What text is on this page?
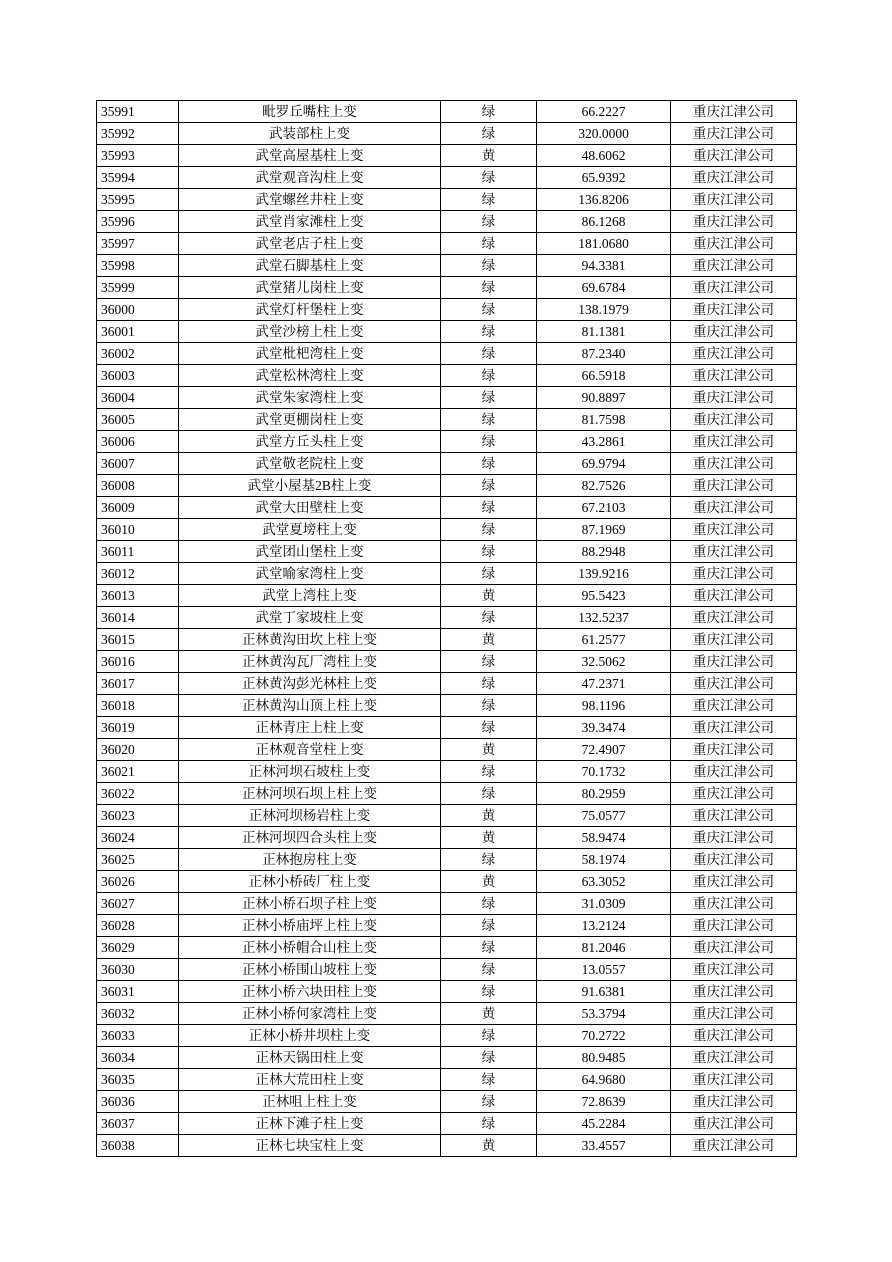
35991	毗罗丘嘴柱上变	绿	66.2227	重庆江津公司
35992	武装部柱上变	绿	320.0000	重庆江津公司
35993	武堂高屋基柱上变	黄	48.6062	重庆江津公司
35994	武堂观音沟柱上变	绿	65.9392	重庆江津公司
35995	武堂螺丝井柱上变	绿	136.8206	重庆江津公司
35996	武堂肖家滩柱上变	绿	86.1268	重庆江津公司
35997	武堂老店子柱上变	绿	181.0680	重庆江津公司
35998	武堂石脚基柱上变	绿	94.3381	重庆江津公司
35999	武堂猪儿岗柱上变	绿	69.6784	重庆江津公司
36000	武堂灯杆堡柱上变	绿	138.1979	重庆江津公司
36001	武堂沙榜上柱上变	绿	81.1381	重庆江津公司
36002	武堂枇杷湾柱上变	绿	87.2340	重庆江津公司
36003	武堂松林湾柱上变	绿	66.5918	重庆江津公司
36004	武堂朱家湾柱上变	绿	90.8897	重庆江津公司
36005	武堂更棚岗柱上变	绿	81.7598	重庆江津公司
36006	武堂方丘头柱上变	绿	43.2861	重庆江津公司
36007	武堂敬老院柱上变	绿	69.9794	重庆江津公司
36008	武堂小屋基2B柱上变	绿	82.7526	重庆江津公司
36009	武堂大田壁柱上变	绿	67.2103	重庆江津公司
36010	武堂夏塝柱上变	绿	87.1969	重庆江津公司
36011	武堂团山堡柱上变	绿	88.2948	重庆江津公司
36012	武堂喻家湾柱上变	绿	139.9216	重庆江津公司
36013	武堂上湾柱上变	黄	95.5423	重庆江津公司
36014	武堂丁家坡柱上变	绿	132.5237	重庆江津公司
36015	正林黄沟田坎上柱上变	黄	61.2577	重庆江津公司
36016	正林黄沟瓦厂湾柱上变	绿	32.5062	重庆江津公司
36017	正林黄沟彭光林柱上变	绿	47.2371	重庆江津公司
36018	正林黄沟山顶上柱上变	绿	98.1196	重庆江津公司
36019	正林青庄上柱上变	绿	39.3474	重庆江津公司
36020	正林观音堂柱上变	黄	72.4907	重庆江津公司
36021	正林河坝石坡柱上变	绿	70.1732	重庆江津公司
36022	正林河坝石坝上柱上变	绿	80.2959	重庆江津公司
36023	正林河坝杨岩柱上变	黄	75.0577	重庆江津公司
36024	正林河坝四合头柱上变	黄	58.9474	重庆江津公司
36025	正林抱房柱上变	绿	58.1974	重庆江津公司
36026	正林小桥砖厂柱上变	黄	63.3052	重庆江津公司
36027	正林小桥石坝子柱上变	绿	31.0309	重庆江津公司
36028	正林小桥庙坪上柱上变	绿	13.2124	重庆江津公司
36029	正林小桥帽合山柱上变	绿	81.2046	重庆江津公司
36030	正林小桥围山坡柱上变	绿	13.0557	重庆江津公司
36031	正林小桥六块田柱上变	绿	91.6381	重庆江津公司
36032	正林小桥何家湾柱上变	黄	53.3794	重庆江津公司
36033	正林小桥井坝柱上变	绿	70.2722	重庆江津公司
36034	正林天锅田柱上变	绿	80.9485	重庆江津公司
36035	正林大荒田柱上变	绿	64.9680	重庆江津公司
36036	正林咀上柱上变	绿	72.8639	重庆江津公司
36037	正林下滩子柱上变	绿	45.2284	重庆江津公司
36038	正林七块宝柱上变	黄	33.4557	重庆江津公司
